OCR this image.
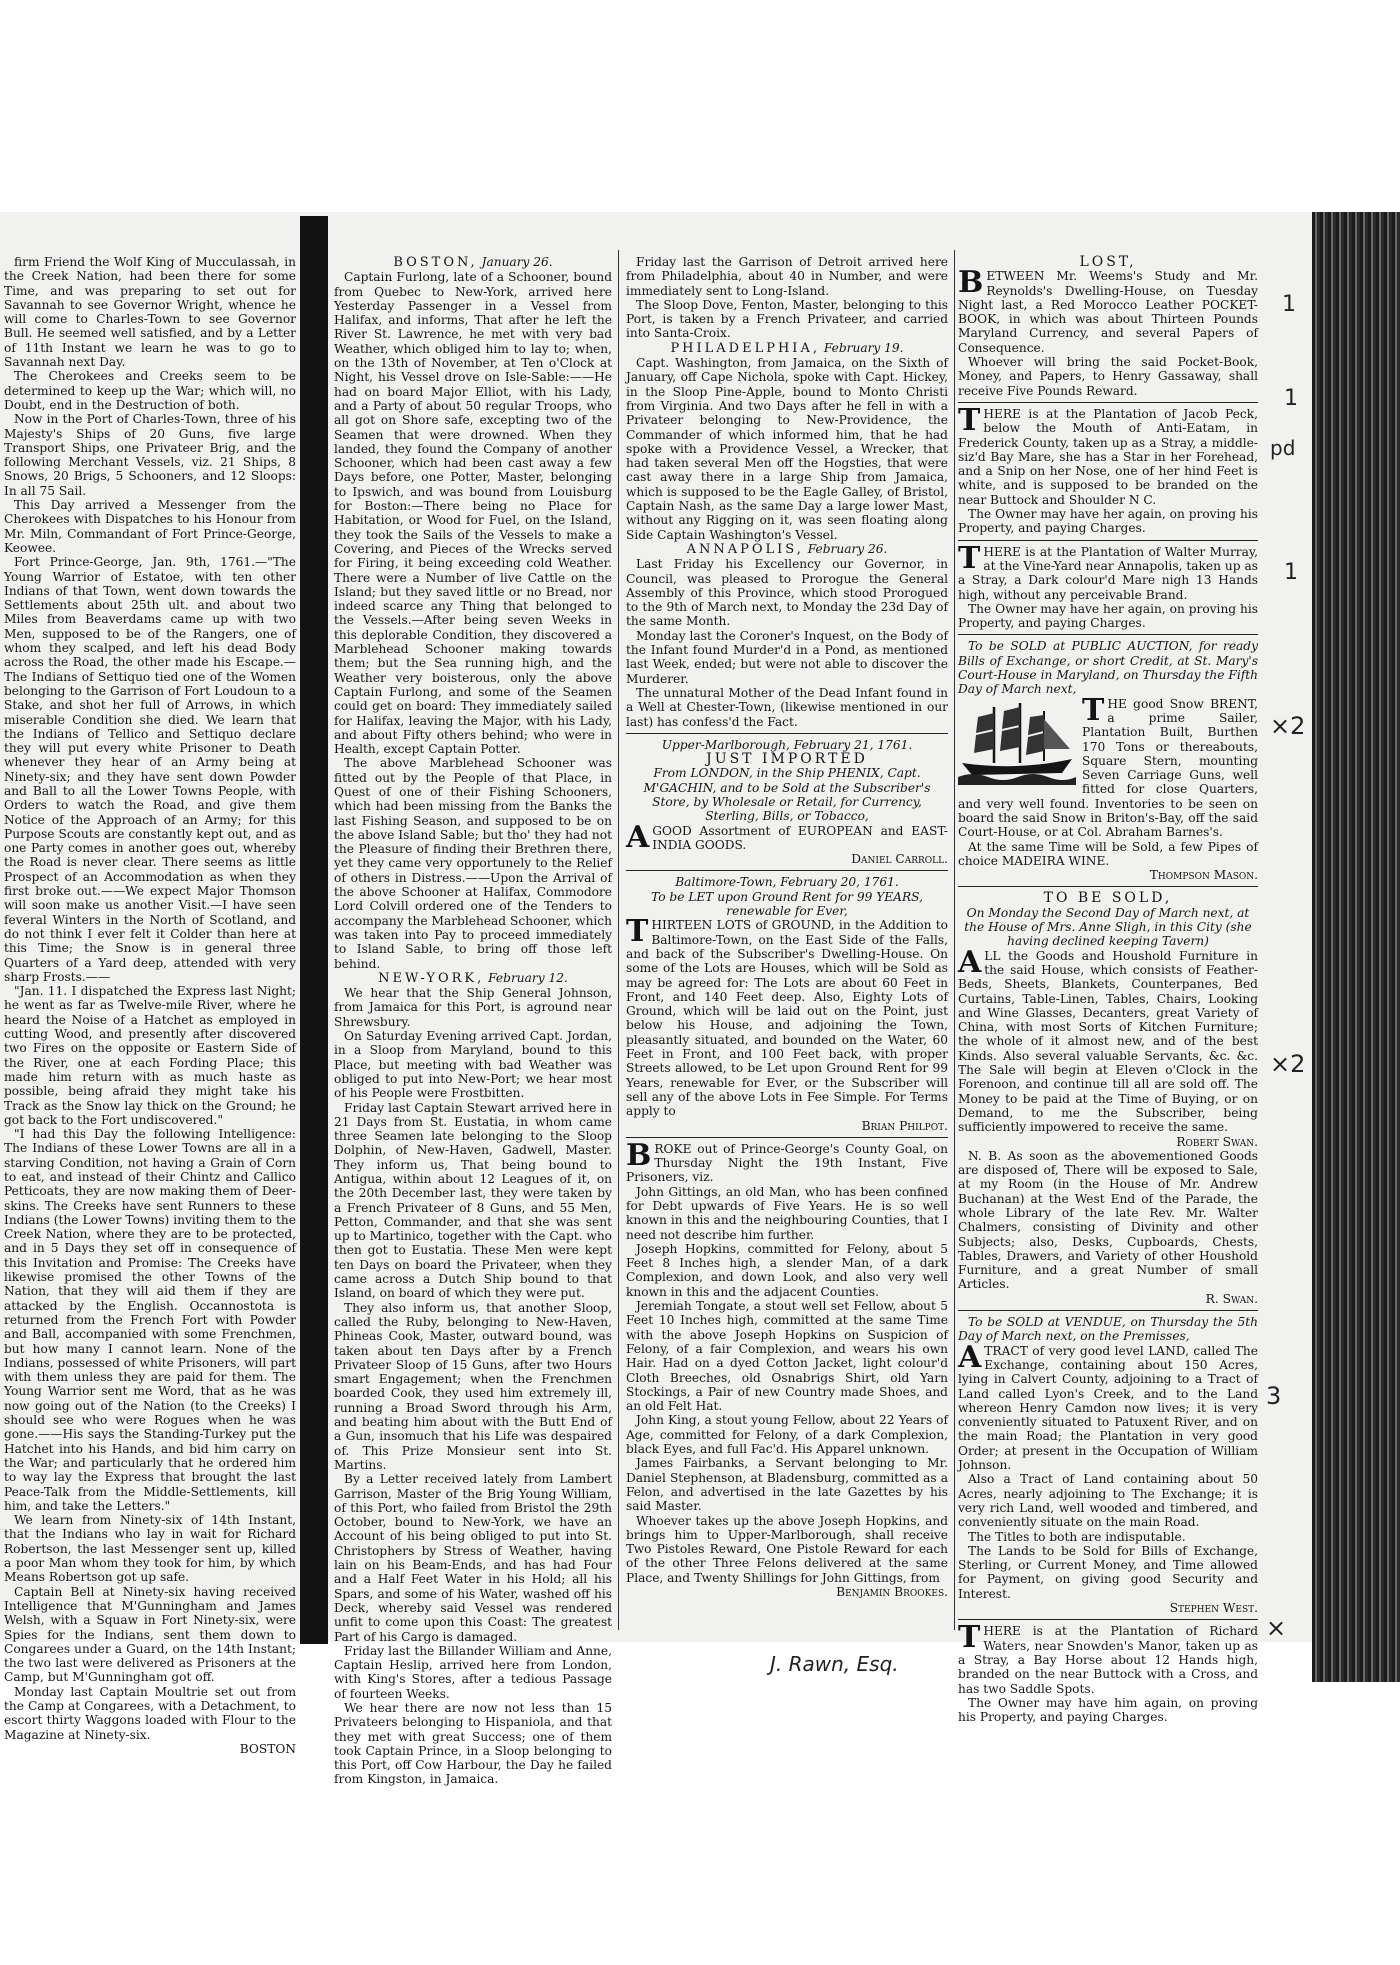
firm Friend the Wolf King of Mucculassah, in the Creek Nation, had been there for some Time, and was preparing to set out for Savannah to see Governor Wright, whence he will come to Charles-Town to see Governor Bull. He seemed well satisfied, and by a Letter of 11th Instant we learn he was to go to Savannah next Day.

The Cherokees and Creeks seem to be determined to keep up the War; which will, no Doubt, end in the Destruction of both.

Now in the Port of Charles-Town, three of his Majesty's Ships of 20 Guns, five large Transport Ships, one Privateer Brig, and the following Merchant Vessels, viz. 21 Ships, 8 Snows, 20 Brigs, 5 Schooners, and 12 Sloops: In all 75 Sail.

This Day arrived a Messenger from the Cherokees with Dispatches to his Honour from Mr. Miln, Commandant of Fort Prince-George, Keowee.

Fort Prince-George, Jan. 9th, 1761.—"The Young Warrior of Estatoe, with ten other Indians of that Town, went down towards the Settlements about 25th ult. and about two Miles from Beaverdams came up with two Men, supposed to be of the Rangers, one of whom they scalped, and left his dead Body across the Road, the other made his Escape.—The Indians of Settiquo tied one of the Women belonging to the Garrison of Fort Loudoun to a Stake, and shot her full of Arrows, in which miserable Condition she died. We learn that the Indians of Tellico and Settiquo declare they will put every white Prisoner to Death whenever they hear of an Army being at Ninety-six; and they have sent down Powder and Ball to all the Lower Towns People, with Orders to watch the Road, and give them Notice of the Approach of an Army; for this Purpose Scouts are constantly kept out, and as one Party comes in another goes out, whereby the Road is never clear. There seems as little Prospect of an Accommodation as when they first broke out.——We expect Major Thomson will soon make us another Visit.—I have seen feveral Winters in the North of Scotland, and do not think I ever felt it Colder than here at this Time; the Snow is in general three Quarters of a Yard deep, attended with very sharp Frosts.——

"Jan. 11. I dispatched the Express last Night; he went as far as Twelve-mile River, where he heard the Noise of a Hatchet as employed in cutting Wood, and presently after discovered two Fires on the opposite or Eastern Side of the River, one at each Fording Place; this made him return with as much haste as possible, being afraid they might take his Track as the Snow lay thick on the Ground; he got back to the Fort undiscovered."

"I had this Day the following Intelligence: The Indians of these Lower Towns are all in a starving Condition, not having a Grain of Corn to eat, and instead of their Chintz and Callico Petticoats, they are now making them of Deer-skins. The Creeks have sent Runners to these Indians (the Lower Towns) inviting them to the Creek Nation, where they are to be protected, and in 5 Days they set off in consequence of this Invitation and Promise: The Creeks have likewise promised the other Towns of the Nation, that they will aid them if they are attacked by the English. Occannostota is returned from the French Fort with Powder and Ball, accompanied with some Frenchmen, but how many I cannot learn. None of the Indians, possessed of white Prisoners, will part with them unless they are paid for them. The Young Warrior sent me Word, that as he was now going out of the Nation (to the Creeks) I should see who were Rogues when he was gone.——His says the Standing-Turkey put the Hatchet into his Hands, and bid him carry on the War; and particularly that he ordered him to way lay the Express that brought the last Peace-Talk from the Middle-Settlements, kill him, and take the Letters."

We learn from Ninety-six of 14th Instant, that the Indians who lay in wait for Richard Robertson, the last Messenger sent up, killed a poor Man whom they took for him, by which Means Robertson got up safe.

Captain Bell at Ninety-six having received Intelligence that M'Gunningham and James Welsh, with a Squaw in Fort Ninety-six, were Spies for the Indians, sent them down to Congarees under a Guard, on the 14th Instant; the two last were delivered as Prisoners at the Camp, but M'Gunningham got off.

Monday last Captain Moultrie set out from the Camp at Congarees, with a Detachment, to escort thirty Waggons loaded with Flour to the Magazine at Ninety-six.

BOSTON

BOSTON, January 26.

Captain Furlong, late of a Schooner, bound from Quebec to New-York, arrived here Yesterday Passenger in a Vessel from Halifax, and informs, That after he left the River St. Lawrence, he met with very bad Weather, which obliged him to lay to; when, on the 13th of November, at Ten o'Clock at Night, his Vessel drove on Isle-Sable:——He had on board Major Elliot, with his Lady, and a Party of about 50 regular Troops, who all got on Shore safe, excepting two of the Seamen that were drowned. When they landed, they found the Company of another Schooner, which had been cast away a few Days before, one Potter, Master, belonging to Ipswich, and was bound from Louisburg for Boston:—There being no Place for Habitation, or Wood for Fuel, on the Island, they took the Sails of the Vessels to make a Covering, and Pieces of the Wrecks served for Firing, it being exceeding cold Weather. There were a Number of live Cattle on the Island; but they saved little or no Bread, nor indeed scarce any Thing that belonged to the Vessels.—After being seven Weeks in this deplorable Condition, they discovered a Marblehead Schooner making towards them; but the Sea running high, and the Weather very boisterous, only the above Captain Furlong, and some of the Seamen could get on board: They immediately sailed for Halifax, leaving the Major, with his Lady, and about Fifty others behind; who were in Health, except Captain Potter.

The above Marblehead Schooner was fitted out by the People of that Place, in Quest of one of their Fishing Schooners, which had been missing from the Banks the last Fishing Season, and supposed to be on the above Island Sable; but tho' they had not the Pleasure of finding their Brethren there, yet they came very opportunely to the Relief of others in Distress.——Upon the Arrival of the above Schooner at Halifax, Commodore Lord Colvill ordered one of the Tenders to accompany the Marblehead Schooner, which was taken into Pay to proceed immediately to Island Sable, to bring off those left behind.

NEW-YORK, February 12.

We hear that the Ship General Johnson, from Jamaica for this Port, is aground near Shrewsbury.

On Saturday Evening arrived Capt. Jordan, in a Sloop from Maryland, bound to this Place, but meeting with bad Weather was obliged to put into New-Port; we hear most of his People were Frostbitten.

Friday last Captain Stewart arrived here in 21 Days from St. Eustatia, in whom came three Seamen late belonging to the Sloop Dolphin, of New-Haven, Gadwell, Master. They inform us, That being bound to Antigua, within about 12 Leagues of it, on the 20th December last, they were taken by a French Privateer of 8 Guns, and 55 Men, Petton, Commander, and that she was sent up to Martinico, together with the Capt. who then got to Eustatia. These Men were kept ten Days on board the Privateer, when they came across a Dutch Ship bound to that Island, on board of which they were put.

They also inform us, that another Sloop, called the Ruby, belonging to New-Haven, Phineas Cook, Master, outward bound, was taken about ten Days after by a French Privateer Sloop of 15 Guns, after two Hours smart Engagement; when the Frenchmen boarded Cook, they used him extremely ill, running a Broad Sword through his Arm, and beating him about with the Butt End of a Gun, insomuch that his Life was despaired of. This Prize Monsieur sent into St. Martins.

By a Letter received lately from Lambert Garrison, Master of the Brig Young William, of this Port, who failed from Bristol the 29th October, bound to New-York, we have an Account of his being obliged to put into St. Christophers by Stress of Weather, having lain on his Beam-Ends, and has had Four and a Half Feet Water in his Hold; all his Spars, and some of his Water, washed off his Deck, whereby said Vessel was rendered unfit to come upon this Coast: The greatest Part of his Cargo is damaged.

Friday last the Billander William and Anne, Captain Heslip, arrived here from London, with King's Stores, after a tedious Passage of fourteen Weeks.

We hear there are now not less than 15 Privateers belonging to Hispaniola, and that they met with great Success; one of them took Captain Prince, in a Sloop belonging to this Port, off Cow Harbour, the Day he failed from Kingston, in Jamaica.

Friday last the Garrison of Detroit arrived here from Philadelphia, about 40 in Number, and were immediately sent to Long-Island.

The Sloop Dove, Fenton, Master, belonging to this Port, is taken by a French Privateer, and carried into Santa-Croix.

PHILADELPHIA, February 19.

Capt. Washington, from Jamaica, on the Sixth of January, off Cape Nichola, spoke with Capt. Hickey, in the Sloop Pine-Apple, bound to Monto Christi from Virginia. And two Days after he fell in with a Privateer belonging to New-Providence, the Commander of which informed him, that he had spoke with a Providence Vessel, a Wrecker, that had taken several Men off the Hogsties, that were cast away there in a large Ship from Jamaica, which is supposed to be the Eagle Galley, of Bristol, Captain Nash, as the same Day a large lower Mast, without any Rigging on it, was seen floating along Side Captain Washington's Vessel.

ANNAPOLIS, February 26.

Last Friday his Excellency our Governor, in Council, was pleased to Prorogue the General Assembly of this Province, which stood Prorogued to the 9th of March next, to Monday the 23d Day of the same Month.

Monday last the Coroner's Inquest, on the Body of the Infant found Murder'd in a Pond, as mentioned last Week, ended; but were not able to discover the Murderer.

The unnatural Mother of the Dead Infant found in a Well at Chester-Town, (likewise mentioned in our last) has confess'd the Fact.

Upper-Marlborough, February 21, 1761.

JUST IMPORTED

From LONDON, in the Ship PHENIX, Capt. M'GACHIN, and to be Sold at the Subscriber's Store, by Wholesale or Retail, for Currency, Sterling, Bills, or Tobacco,

AGOOD Assortment of EUROPEAN and EAST-INDIA GOODS.

Daniel Carroll.

Baltimore-Town, February 20, 1761.

To be LET upon Ground Rent for 99 YEARS, renewable for Ever,

THIRTEEN LOTS of GROUND, in the Addition to Baltimore-Town, on the East Side of the Falls, and back of the Subscriber's Dwelling-House. On some of the Lots are Houses, which will be Sold as may be agreed for: The Lots are about 60 Feet in Front, and 140 Feet deep. Also, Eighty Lots of Ground, which will be laid out on the Point, just below his House, and adjoining the Town, pleasantly situated, and bounded on the Water, 60 Feet in Front, and 100 Feet back, with proper Streets allowed, to be Let upon Ground Rent for 99 Years, renewable for Ever, or the Subscriber will sell any of the above Lots in Fee Simple. For Terms apply to

Brian Philpot.

BROKE out of Prince-George's County Goal, on Thursday Night the 19th Instant, Five Prisoners, viz.

John Gittings, an old Man, who has been confined for Debt upwards of Five Years. He is so well known in this and the neighbouring Counties, that I need not describe him further.

Joseph Hopkins, committed for Felony, about 5 Feet 8 Inches high, a slender Man, of a dark Complexion, and down Look, and also very well known in this and the adjacent Counties.

Jeremiah Tongate, a stout well set Fellow, about 5 Feet 10 Inches high, committed at the same Time with the above Joseph Hopkins on Suspicion of Felony, of a fair Complexion, and wears his own Hair. Had on a dyed Cotton Jacket, light colour'd Cloth Breeches, old Osnabrigs Shirt, old Yarn Stockings, a Pair of new Country made Shoes, and an old Felt Hat.

John King, a stout young Fellow, about 22 Years of Age, committed for Felony, of a dark Complexion, black Eyes, and full Fac'd. His Apparel unknown.

James Fairbanks, a Servant belonging to Mr. Daniel Stephenson, at Bladensburg, committed as a Felon, and advertised in the late Gazettes by his said Master.

Whoever takes up the above Joseph Hopkins, and brings him to Upper-Marlborough, shall receive Two Pistoles Reward, One Pistole Reward for each of the other Three Felons delivered at the same Place, and Twenty Shillings for John Gittings, from

Benjamin Brookes.

LOST,

BETWEEN Mr. Weems's Study and Mr. Reynolds's Dwelling-House, on Tuesday Night last, a Red Morocco Leather POCKET-BOOK, in which was about Thirteen Pounds Maryland Currency, and several Papers of Consequence.

Whoever will bring the said Pocket-Book, Money, and Papers, to Henry Gassaway, shall receive Five Pounds Reward.

THERE is at the Plantation of Jacob Peck, below the Mouth of Anti-Eatam, in Frederick County, taken up as a Stray, a middle-siz'd Bay Mare, she has a Star in her Forehead, and a Snip on her Nose, one of her hind Feet is white, and is supposed to be branded on the near Buttock and Shoulder N C.

The Owner may have her again, on proving his Property, and paying Charges.

THERE is at the Plantation of Walter Murray, at the Vine-Yard near Annapolis, taken up as a Stray, a Dark colour'd Mare nigh 13 Hands high, without any perceivable Brand.

The Owner may have her again, on proving his Property, and paying Charges.

To be SOLD at PUBLIC AUCTION, for ready Bills of Exchange, or short Credit, at St. Mary's Court-House in Maryland, on Thursday the Fifth Day of March next,

THE good Snow BRENT, a prime Sailer, Plantation Built, Burthen 170 Tons or thereabouts, Square Stern, mounting Seven Carriage Guns, well fitted for close Quarters, and very well found. Inventories to be seen on board the said Snow in Briton's-Bay, off the said Court-House, or at Col. Abraham Barnes's.

At the same Time will be Sold, a few Pipes of choice MADEIRA WINE.

Thompson Mason.

TO BE SOLD,

On Monday the Second Day of March next, at the House of Mrs. Anne Sligh, in this City (she having declined keeping Tavern)

ALL the Goods and Houshold Furniture in the said House, which consists of Feather-Beds, Sheets, Blankets, Counterpanes, Bed Curtains, Table-Linen, Tables, Chairs, Looking and Wine Glasses, Decanters, great Variety of China, with most Sorts of Kitchen Furniture; the whole of it almost new, and of the best Kinds. Also several valuable Servants, &c. &c. The Sale will begin at Eleven o'Clock in the Forenoon, and continue till all are sold off. The Money to be paid at the Time of Buying, or on Demand, to me the Subscriber, being sufficiently impowered to receive the same.

Robert Swan.

N. B. As soon as the abovementioned Goods are disposed of, There will be exposed to Sale, at my Room (in the House of Mr. Andrew Buchanan) at the West End of the Parade, the whole Library of the late Rev. Mr. Walter Chalmers, consisting of Divinity and other Subjects; also, Desks, Cupboards, Chests, Tables, Drawers, and Variety of other Houshold Furniture, and a great Number of small Articles.

R. Swan.

To be SOLD at VENDUE, on Thursday the 5th Day of March next, on the Premisses,

ATRACT of very good level LAND, called The Exchange, containing about 150 Acres, lying in Calvert County, adjoining to a Tract of Land called Lyon's Creek, and to the Land whereon Henry Camdon now lives; it is very conveniently situated to Patuxent River, and on the main Road; the Plantation in very good Order; at present in the Occupation of William Johnson.

Also a Tract of Land containing about 50 Acres, nearly adjoining to The Exchange; it is very rich Land, well wooded and timbered, and conveniently situate on the main Road.

The Titles to both are indisputable.

The Lands to be Sold for Bills of Exchange, Sterling, or Current Money, and Time allowed for Payment, on giving good Security and Interest.

Stephen West.

THERE is at the Plantation of Richard Waters, near Snowden's Manor, taken up as a Stray, a Bay Horse about 12 Hands high, branded on the near Buttock with a Cross, and has two Saddle Spots.

The Owner may have him again, on proving his Property, and paying Charges.

1
1
pd
1
×2
×2
3
×
J. Rawn, Esq.
